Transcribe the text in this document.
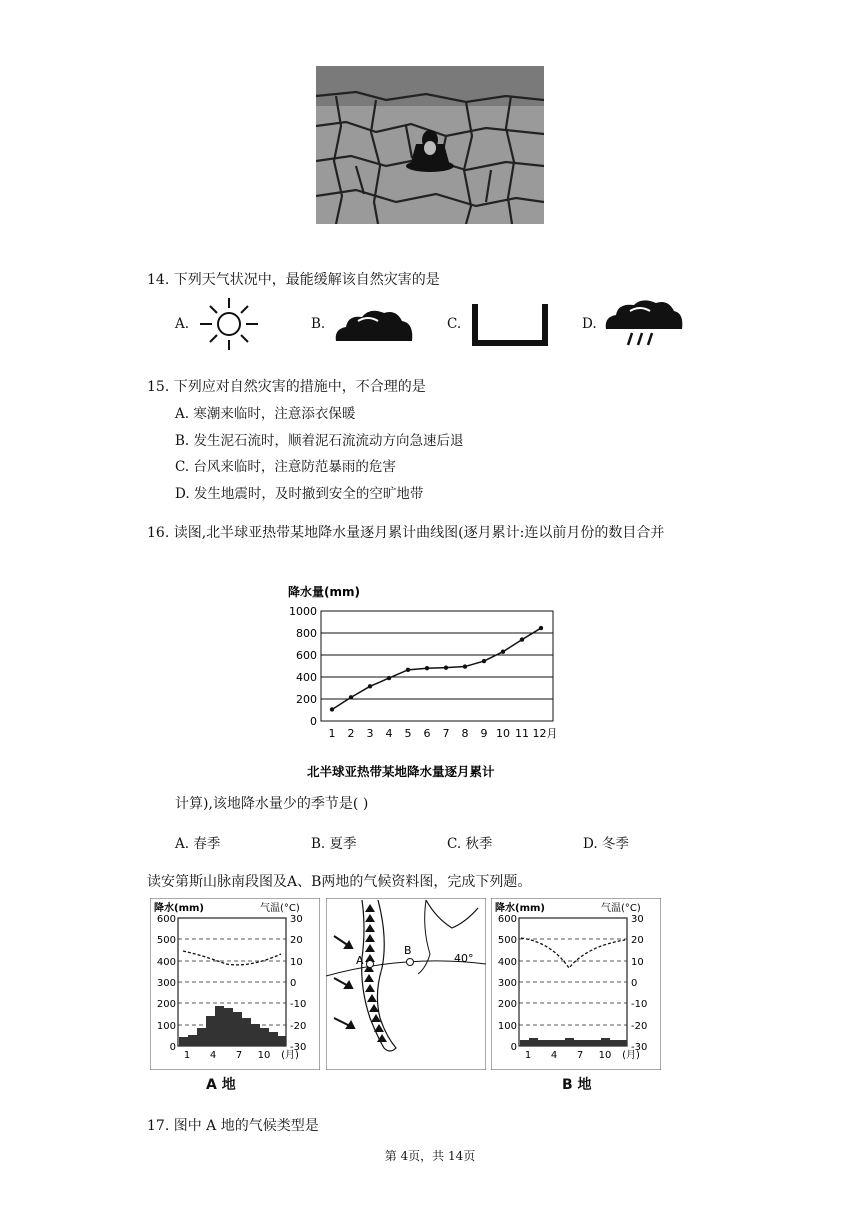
14. 下列天气状况中，最能缓解该自然灾害的是
A.	B.	C.	D.
15. 下列应对自然灾害的措施中，不合理的是
A. 寒潮来临时，注意添衣保暖
B. 发生泥石流时，顺着泥石流流动方向急速后退
C. 台风来临时，注意防范暴雨的危害
D. 发生地震时，及时撤到安全的空旷地带
16. 读图,北半球亚热带某地降水量逐月累计曲线图(逐月累计:连以前月份的数目合并
降水量(mm)
1000
800
600
400
200
0
1 2 3 4 5 6 7 8 9 10 11 12月
北半球亚热带某地降水量逐月累计
计算),该地降水量少的季节是( )
A. 春季	B. 夏季	C. 秋季	D. 冬季
读安第斯山脉南段图及A、B两地的气候资料图，完成下列题。
降水(mm)	气温(°C)
600
500
400
300
200
100
0
30
20
10
0
-10
-20
-30
1 4 7 10 (月)
A 地
A
B
40°
降水(mm)	气温(°C)
600
500
400
300
200
100
0
30
20
10
0
-10
-20
-30
1 4 7 10 (月)
B 地
17. 图中 A 地的气候类型是
第 4页，共 14页
